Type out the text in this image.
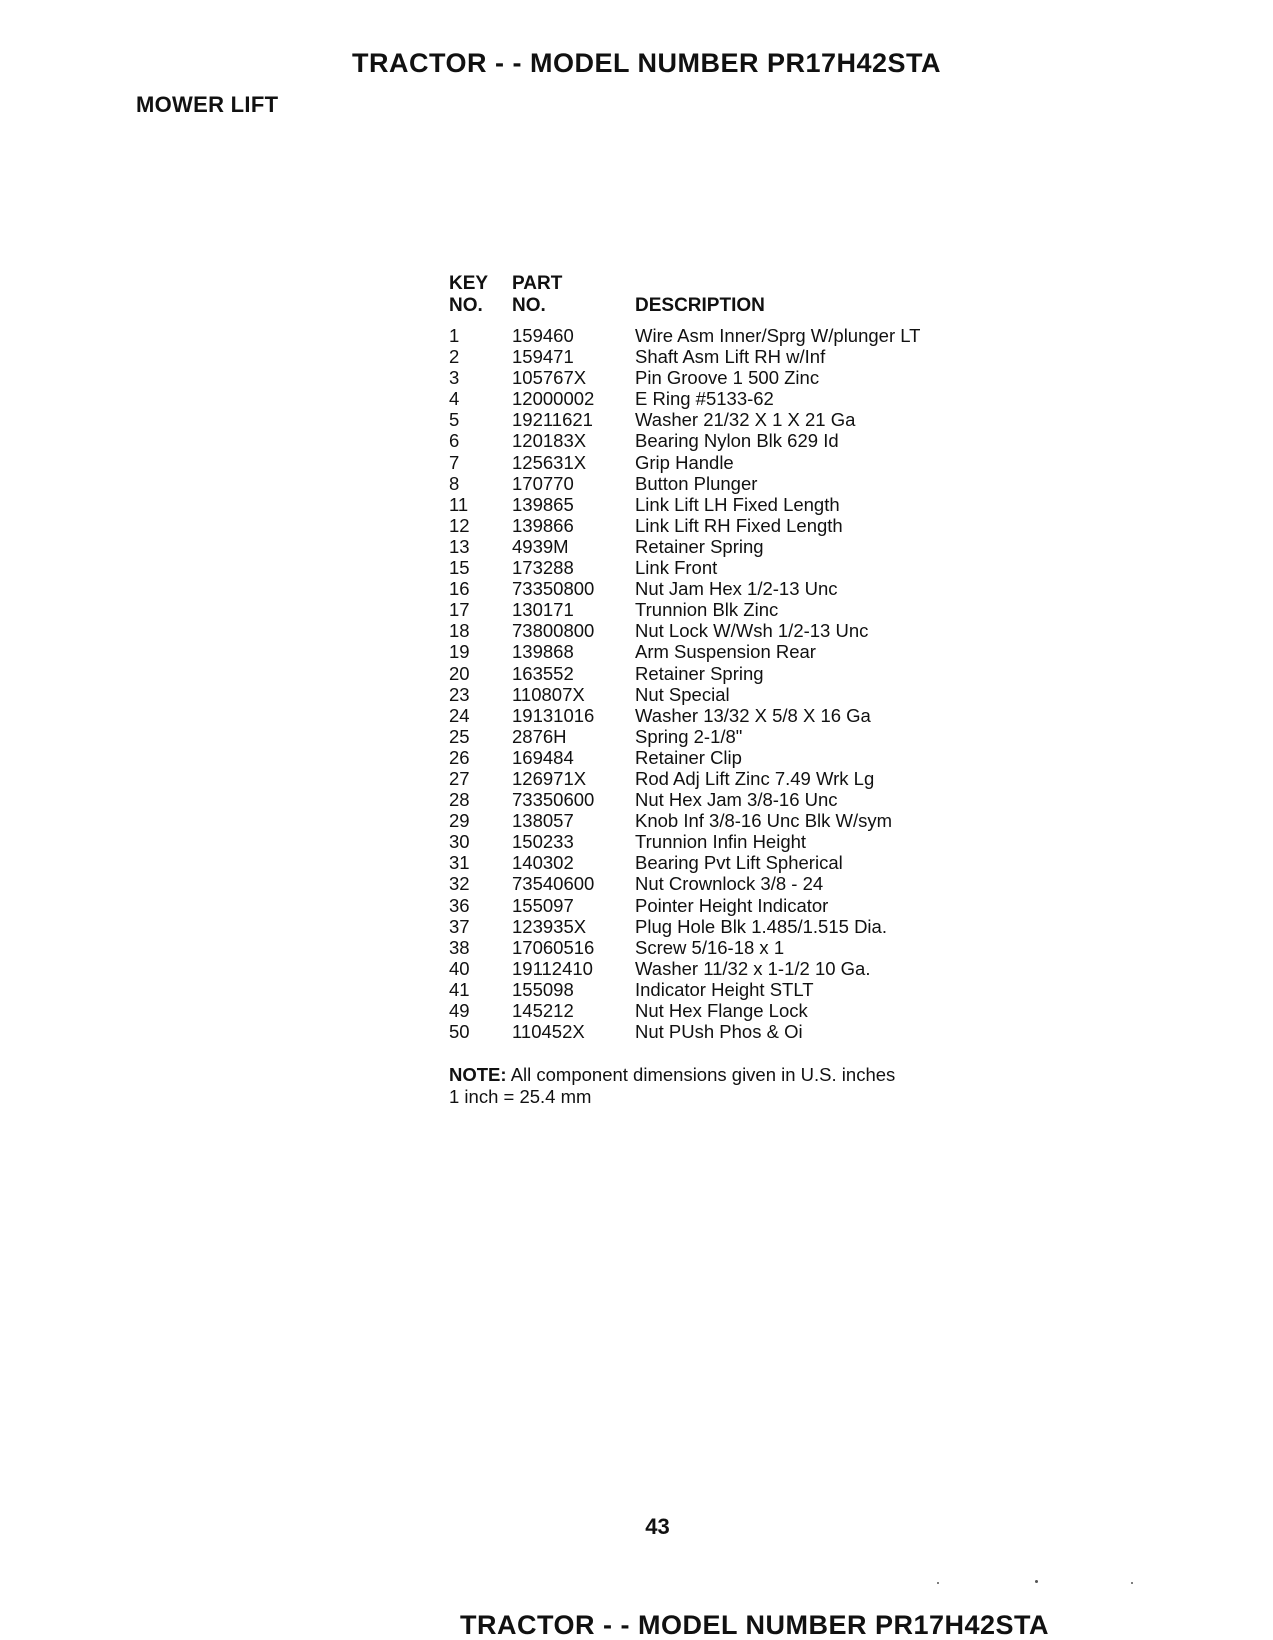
TRACTOR - - MODEL NUMBER PR17H42STA
MOWER LIFT
KEY
NO.
PART
NO.	DESCRIPTION
1	159460	Wire Asm Inner/Sprg W/plunger LT
2	159471	Shaft Asm Lift RH w/Inf
3	105767X	Pin Groove 1 500 Zinc
4	12000002 E Ring #5133-62
5	19211621 Washer 21/32 X 1 X 21 Ga
6	120183X	Bearing Nylon Blk 629 Id
7	125631X	Grip Handle
8	170770	Button Plunger
11 139865	Link Lift LH Fixed Length
12 139866	Link Lift RH Fixed Length
13 4939M	Retainer Spring
15 173288	Link Front
16 73350800 Nut Jam Hex 1/2-13 Unc
17 130171	Trunnion Blk Zinc
18 73800800 Nut Lock W/Wsh 1/2-13 Unc
19 139868	Arm Suspension Rear
20 163552	Retainer Spring
23 110807X	Nut Special
24 19131016 Washer 13/32 X 5/8 X 16 Ga
25 2876H	Spring 2-1/8"
26 169484	Retainer Clip
27 126971X	Rod Adj Lift Zinc 7.49 Wrk Lg
28 73350600 Nut Hex Jam 3/8-16 Unc
29 138057	Knob Inf 3/8-16 Unc Blk W/sym
30 150233	Trunnion Infin Height
31 140302	Bearing Pvt Lift Spherical
32 73540600 Nut Crownlock 3/8 - 24
36 155097	Pointer Height Indicator
37 123935X	Plug Hole Blk 1.485/1.515 Dia.
38 17060516 Screw 5/16-18 x 1
40 19112410 Washer 11/32 x 1-1/2 10 Ga.
41 155098	Indicator Height STLT
49 145212	Nut Hex Flange Lock
50 110452X	Nut PUsh Phos & Oi
NOTE: All component dimensions given in U.S. inches
1 inch = 25.4 mm
43
TRACTOR - - MODEL NUMBER PR17H42STA
